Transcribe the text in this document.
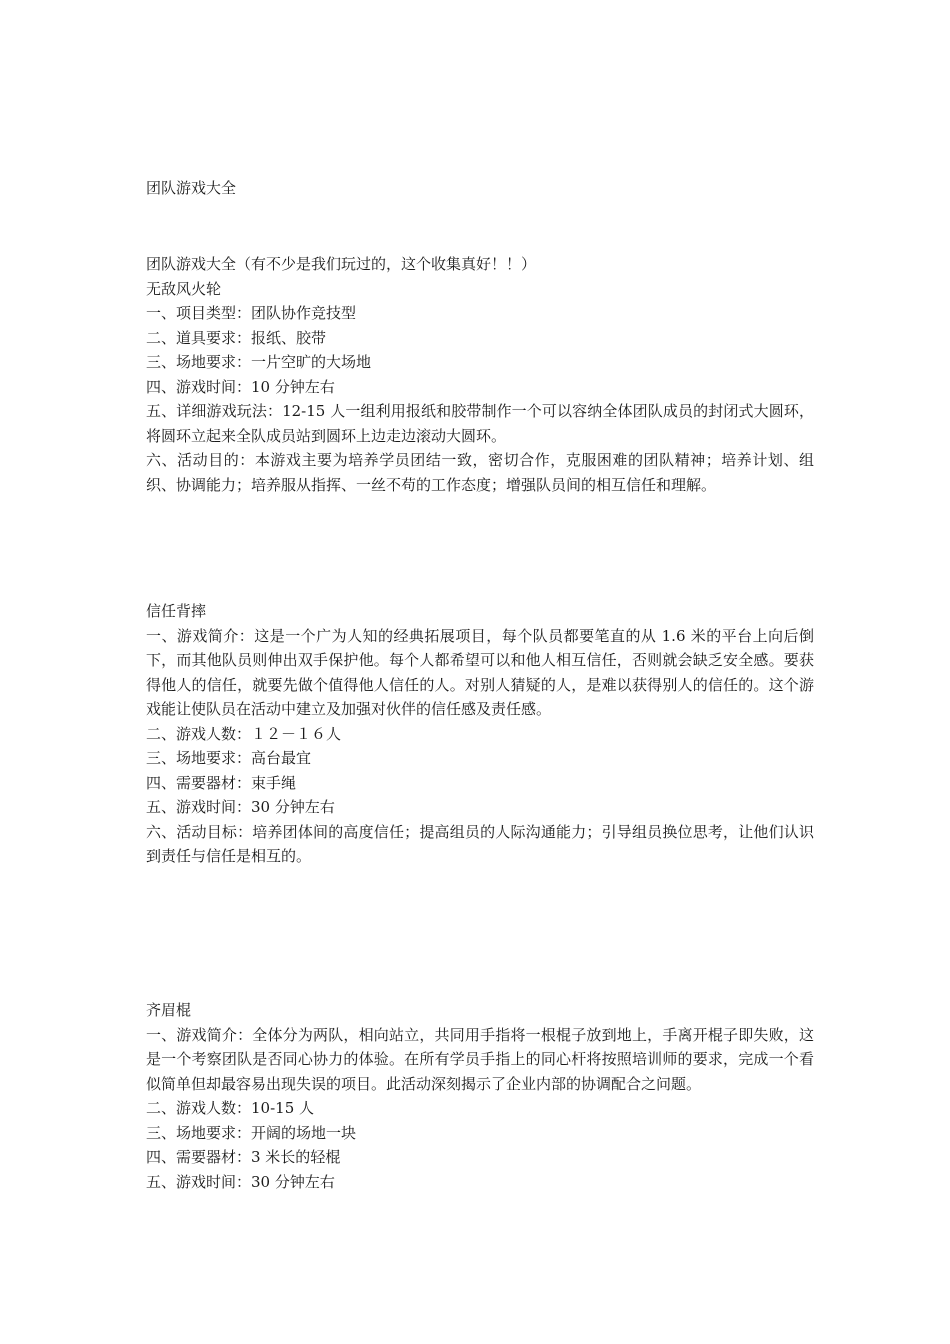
团队游戏大全

团队游戏大全（有不少是我们玩过的，这个收集真好！！）

无敌风火轮

一、项目类型：团队协作竞技型

二、道具要求：报纸、胶带

三、场地要求：一片空旷的大场地

四、游戏时间：10 分钟左右

五、详细游戏玩法：12-15 人一组利用报纸和胶带制作一个可以容纳全体团队成员的封闭式大圆环，将圆环立起来全队成员站到圆环上边走边滚动大圆环。

六、活动目的：本游戏主要为培养学员团结一致，密切合作，克服困难的团队精神；培养计划、组织、协调能力；培养服从指挥、一丝不苟的工作态度；增强队员间的相互信任和理解。

信任背摔

一、游戏简介：这是一个广为人知的经典拓展项目，每个队员都要笔直的从 1.6 米的平台上向后倒下，而其他队员则伸出双手保护他。每个人都希望可以和他人相互信任，否则就会缺乏安全感。要获得他人的信任，就要先做个值得他人信任的人。对别人猜疑的人，是难以获得别人的信任的。这个游戏能让使队员在活动中建立及加强对伙伴的信任感及责任感。

二、游戏人数：１２－１６人

三、场地要求：高台最宜

四、需要器材：束手绳

五、游戏时间：30 分钟左右

六、活动目标：培养团体间的高度信任；提高组员的人际沟通能力；引导组员换位思考，让他们认识到责任与信任是相互的。

齐眉棍

一、游戏简介：全体分为两队，相向站立，共同用手指将一根棍子放到地上，手离开棍子即失败，这是一个考察团队是否同心协力的体验。在所有学员手指上的同心杆将按照培训师的要求，完成一个看似简单但却最容易出现失误的项目。此活动深刻揭示了企业内部的协调配合之问题。

二、游戏人数：10-15 人

三、场地要求：开阔的场地一块

四、需要器材：3 米长的轻棍

五、游戏时间：30 分钟左右
